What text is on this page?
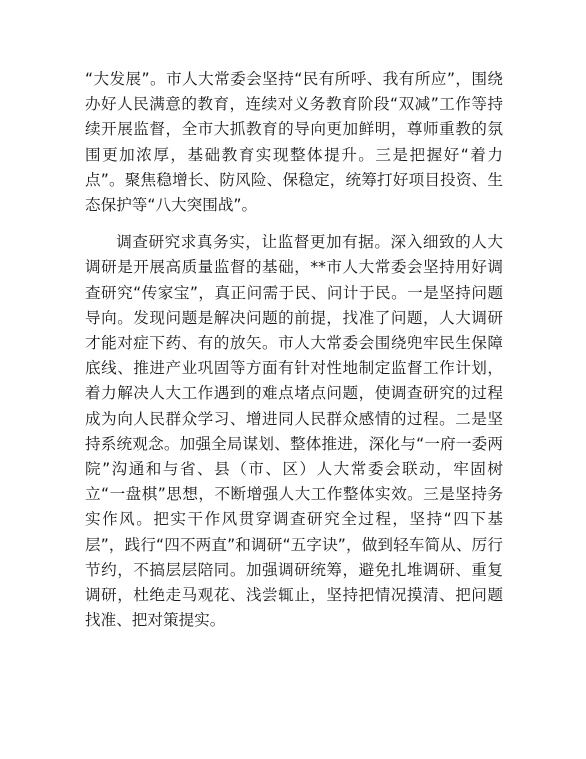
“大发展”。市人大常委会坚持“民有所呼、我有所应”，围绕办好人民满意的教育，连续对义务教育阶段“双减”工作等持续开展监督，全市大抓教育的导向更加鲜明，尊师重教的氛围更加浓厚，基础教育实现整体提升。三是把握好“着力点”。聚焦稳增长、防风险、保稳定，统筹打好项目投资、生态保护等“八大突围战”。

调查研究求真务实，让监督更加有据。深入细致的人大调研是开展高质量监督的基础，**市人大常委会坚持用好调查研究“传家宝”，真正问需于民、问计于民。一是坚持问题导向。发现问题是解决问题的前提，找准了问题，人大调研才能对症下药、有的放矢。市人大常委会围绕兜牢民生保障底线、推进产业巩固等方面有针对性地制定监督工作计划，着力解决人大工作遇到的难点堵点问题，使调查研究的过程成为向人民群众学习、增进同人民群众感情的过程。二是坚持系统观念。加强全局谋划、整体推进，深化与“一府一委两院”沟通和与省、县（市、区）人大常委会联动，牢固树立“一盘棋”思想，不断增强人大工作整体实效。三是坚持务实作风。把实干作风贯穿调查研究全过程，坚持“四下基层”，践行“四不两直”和调研“五字诀”，做到轻车简从、厉行节约，不搞层层陪同。加强调研统筹，避免扎堆调研、重复调研，杜绝走马观花、浅尝辄止，坚持把情况摸清、把问题找准、把对策提实。
